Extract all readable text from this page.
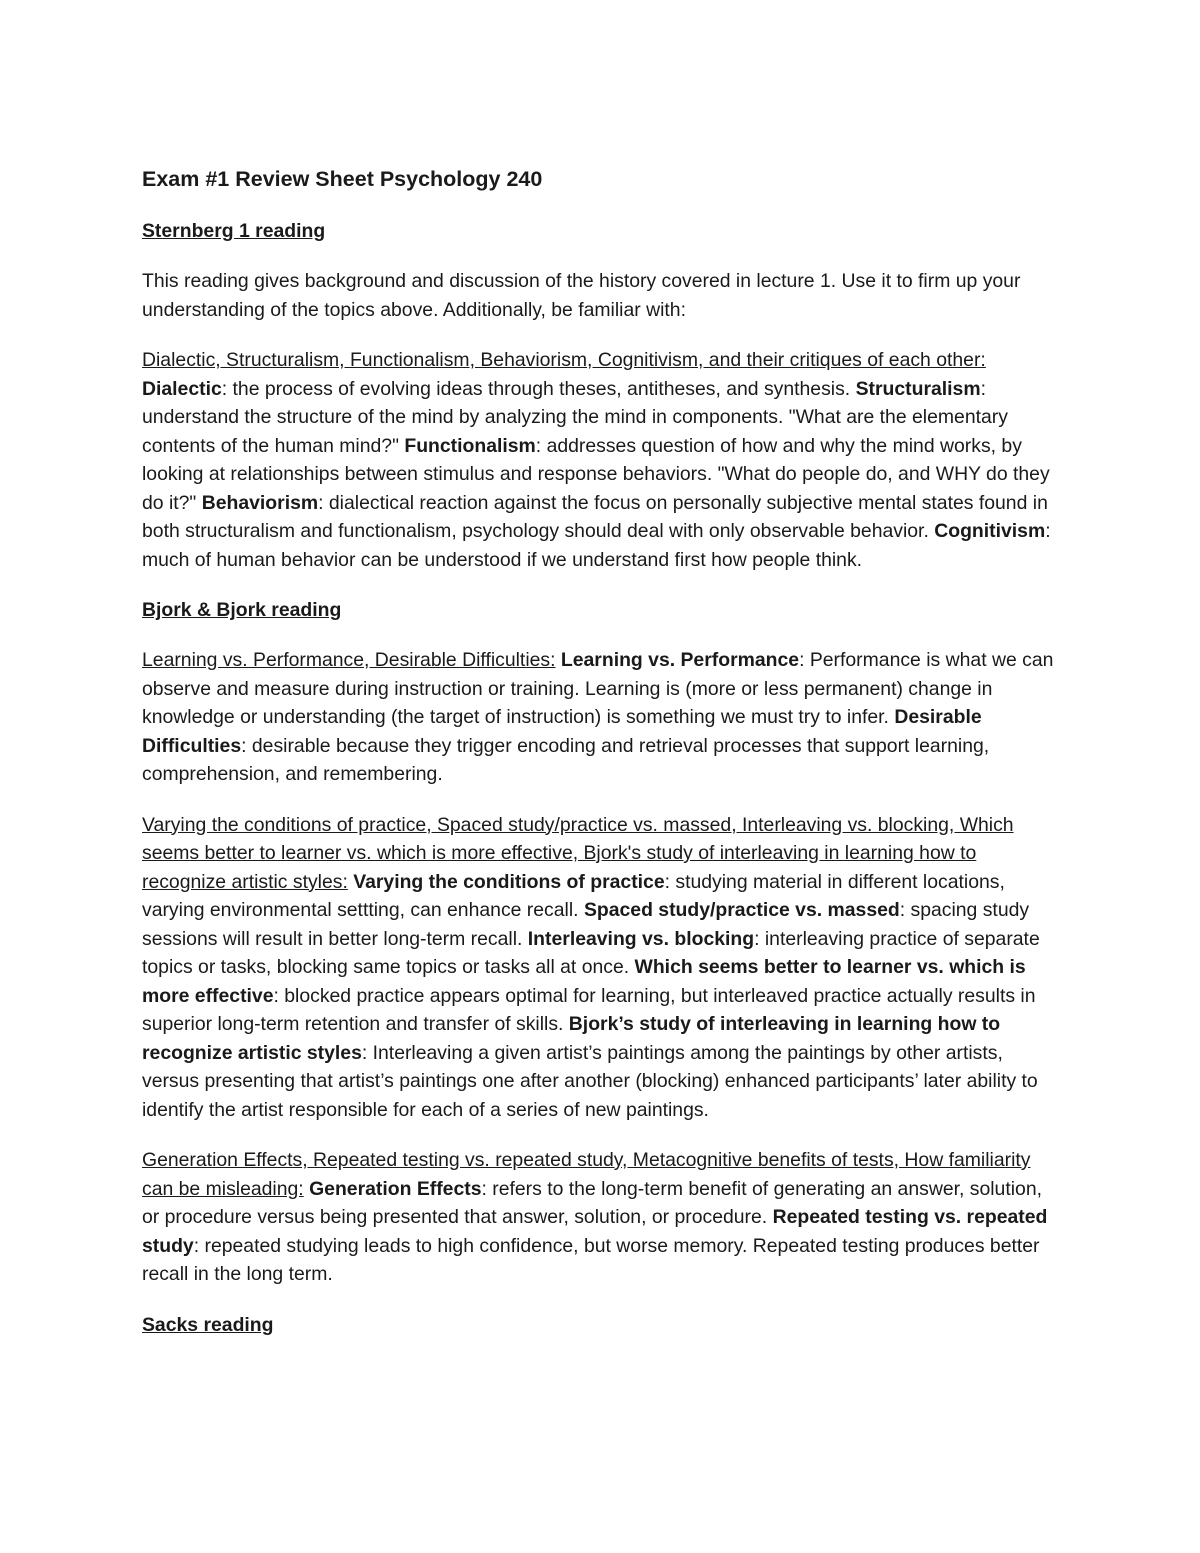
Exam #1 Review Sheet Psychology 240
Sternberg 1 reading
This reading gives background and discussion of the history covered in lecture 1. Use it to firm up your understanding of the topics above. Additionally, be familiar with:
Dialectic, Structuralism, Functionalism, Behaviorism, Cognitivism, and their critiques of each other: Dialectic: the process of evolving ideas through theses, antitheses, and synthesis. Structuralism: understand the structure of the mind by analyzing the mind in components. "What are the elementary contents of the human mind?" Functionalism: addresses question of how and why the mind works, by looking at relationships between stimulus and response behaviors. "What do people do, and WHY do they do it?" Behaviorism: dialectical reaction against the focus on personally subjective mental states found in both structuralism and functionalism, psychology should deal with only observable behavior. Cognitivism: much of human behavior can be understood if we understand first how people think.
Bjork & Bjork reading
Learning vs. Performance, Desirable Difficulties: Learning vs. Performance: Performance is what we can observe and measure during instruction or training. Learning is (more or less permanent) change in knowledge or understanding (the target of instruction) is something we must try to infer. Desirable Difficulties: desirable because they trigger encoding and retrieval processes that support learning, comprehension, and remembering.
Varying the conditions of practice, Spaced study/practice vs. massed, Interleaving vs. blocking, Which seems better to learner vs. which is more effective, Bjork's study of interleaving in learning how to recognize artistic styles: Varying the conditions of practice: studying material in different locations, varying environmental settting, can enhance recall. Spaced study/practice vs. massed: spacing study sessions will result in better long-term recall. Interleaving vs. blocking: interleaving practice of separate topics or tasks, blocking same topics or tasks all at once. Which seems better to learner vs. which is more effective: blocked practice appears optimal for learning, but interleaved practice actually results in superior long-term retention and transfer of skills. Bjork’s study of interleaving in learning how to recognize artistic styles: Interleaving a given artist’s paintings among the paintings by other artists, versus presenting that artist’s paintings one after another (blocking) enhanced participants’ later ability to identify the artist responsible for each of a series of new paintings.
Generation Effects, Repeated testing vs. repeated study, Metacognitive benefits of tests, How familiarity can be misleading: Generation Effects: refers to the long-term benefit of generating an answer, solution, or procedure versus being presented that answer, solution, or procedure. Repeated testing vs. repeated study: repeated studying leads to high confidence, but worse memory. Repeated testing produces better recall in the long term.
Sacks reading
